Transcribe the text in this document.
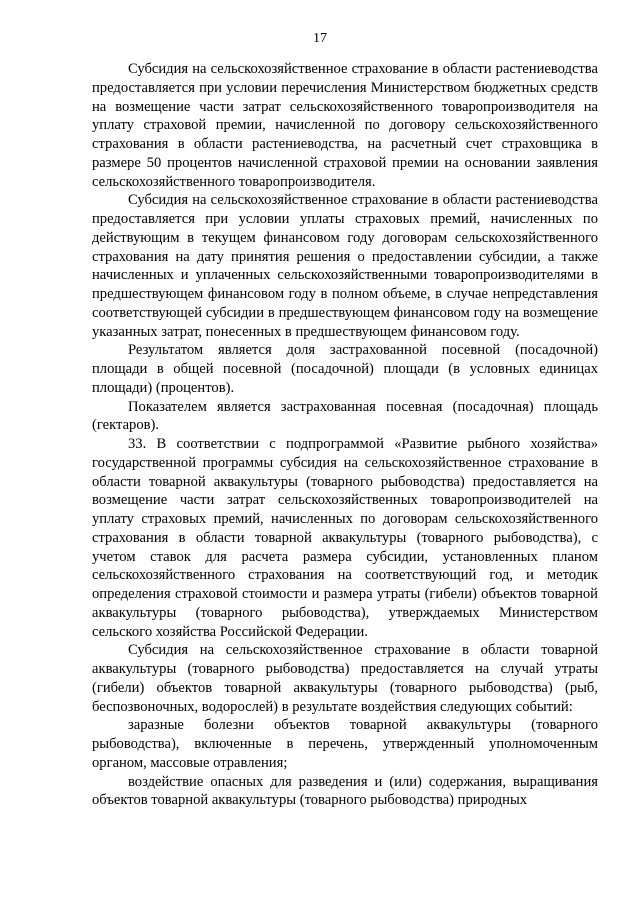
17

Субсидия на сельскохозяйственное страхование в области растениеводства предоставляется при условии перечисления Министерством бюджетных средств на возмещение части затрат сельскохозяйственного товаропроизводителя на уплату страховой премии, начисленной по договору сельскохозяйственного страхования в области растениеводства, на расчетный счет страховщика в размере 50 процентов начисленной страховой премии на основании заявления сельскохозяйственного товаропроизводителя.

Субсидия на сельскохозяйственное страхование в области растениеводства предоставляется при условии уплаты страховых премий, начисленных по действующим в текущем финансовом году договорам сельскохозяйственного страхования на дату принятия решения о предоставлении субсидии, а также начисленных и уплаченных сельскохозяйственными товаропроизводителями в предшествующем финансовом году в полном объеме, в случае непредставления соответствующей субсидии в предшествующем финансовом году на возмещение указанных затрат, понесенных в предшествующем финансовом году.

Результатом является доля застрахованной посевной (посадочной) площади в общей посевной (посадочной) площади (в условных единицах площади) (процентов).

Показателем является застрахованная посевная (посадочная) площадь (гектаров).

33. В соответствии с подпрограммой «Развитие рыбного хозяйства» государственной программы субсидия на сельскохозяйственное страхование в области товарной аквакультуры (товарного рыбоводства) предоставляется на возмещение части затрат сельскохозяйственных товаропроизводителей на уплату страховых премий, начисленных по договорам сельскохозяйственного страхования в области товарной аквакультуры (товарного рыбоводства), с учетом ставок для расчета размера субсидии, установленных планом сельскохозяйственного страхования на соответствующий год, и методик определения страховой стоимости и размера утраты (гибели) объектов товарной аквакультуры (товарного рыбоводства), утверждаемых Министерством сельского хозяйства Российской Федерации.

Субсидия на сельскохозяйственное страхование в области товарной аквакультуры (товарного рыбоводства) предоставляется на случай утраты (гибели) объектов товарной аквакультуры (товарного рыбоводства) (рыб, беспозвоночных, водорослей) в результате воздействия следующих событий:

заразные болезни объектов товарной аквакультуры (товарного рыбоводства), включенные в перечень, утвержденный уполномоченным органом, массовые отравления;

воздействие опасных для разведения и (или) содержания, выращивания объектов товарной аквакультуры (товарного рыбоводства) природных
